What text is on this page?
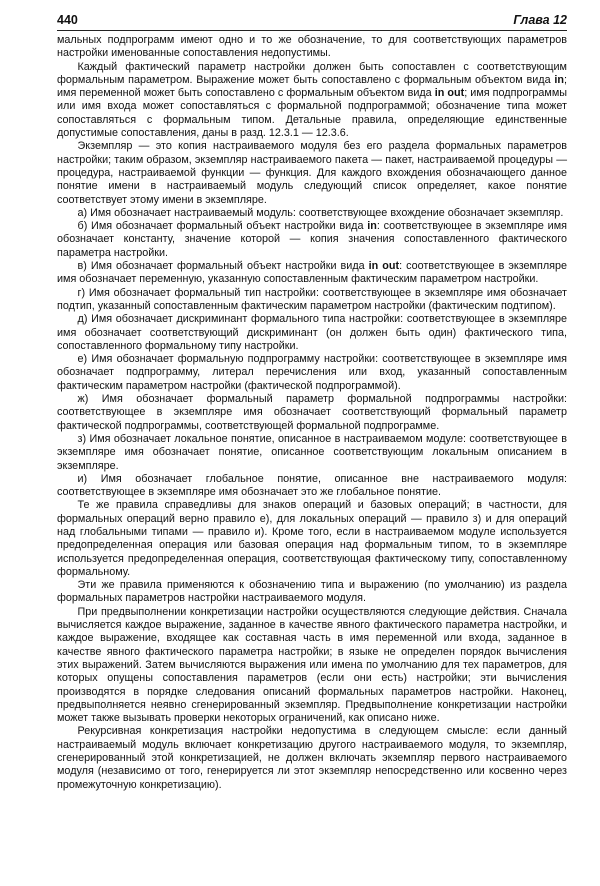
440	Глава 12

мальных подпрограмм имеют одно и то же обозначение, то для соответствующих параметров настройки именованные сопоставления недопустимы.

Каждый фактический параметр настройки должен быть сопоставлен с соответствующим формальным параметром. Выражение может быть сопоставлено с формальным объектом вида in; имя переменной может быть сопоставлено с формальным объектом вида in out; имя подпрограммы или имя входа может сопоставляться с формальной подпрограммой; обозначение типа может сопоставляться с формальным типом. Детальные правила, определяющие единственные допустимые сопоставления, даны в разд. 12.3.1 — 12.3.6.

Экземпляр — это копия настраиваемого модуля без его раздела формальных параметров настройки; таким образом, экземпляр настраиваемого пакета — пакет, настраиваемой процедуры — процедура, настраиваемой функции — функция. Для каждого вхождения обозначающего данное понятие имени в настраиваемый модуль следующий список определяет, какое понятие соответствует этому имени в экземпляре.

а) Имя обозначает настраиваемый модуль: соответствующее вхождение обозначает экземпляр.

б) Имя обозначает формальный объект настройки вида in: соответствующее в экземпляре имя обозначает константу, значение которой — копия значения сопоставленного фактического параметра настройки.

в) Имя обозначает формальный объект настройки вида in out: соответствующее в экземпляре имя обозначает переменную, указанную сопоставленным фактическим параметром настройки.

г) Имя обозначает формальный тип настройки: соответствующее в экземпляре имя обозначает подтип, указанный сопоставленным фактическим параметром настройки (фактическим подтипом).

д) Имя обозначает дискриминант формального типа настройки: соответствующее в экземпляре имя обозначает соответствующий дискриминант (он должен быть один) фактического типа, сопоставленного формальному типу настройки.

е) Имя обозначает формальную подпрограмму настройки: соответствующее в экземпляре имя обозначает подпрограмму, литерал перечисления или вход, указанный сопоставленным фактическим параметром настройки (фактической подпрограммой).

ж) Имя обозначает формальный параметр формальной подпрограммы настройки: соответствующее в экземпляре имя обозначает соответствующий формальный параметр фактической подпрограммы, соответствующей формальной подпрограмме.

з) Имя обозначает локальное понятие, описанное в настраиваемом модуле: соответствующее в экземпляре имя обозначает понятие, описанное соответствующим локальным описанием в экземпляре.

и) Имя обозначает глобальное понятие, описанное вне настраиваемого модуля: соответствующее в экземпляре имя обозначает это же глобальное понятие.

Те же правила справедливы для знаков операций и базовых операций; в частности, для формальных операций верно правило е), для локальных операций — правило з) и для операций над глобальными типами — правило и). Кроме того, если в настраиваемом модуле используется предопределенная операция или базовая операция над формальным типом, то в экземпляре используется предопределенная операция, соответствующая фактическому типу, сопоставленному формальному.

Эти же правила применяются к обозначению типа и выражению (по умолчанию) из раздела формальных параметров настройки настраиваемого модуля.

При предвыполнении конкретизации настройки осуществляются следующие действия. Сначала вычисляется каждое выражение, заданное в качестве явного фактического параметра настройки, и каждое выражение, входящее как составная часть в имя переменной или входа, заданное в качестве явного фактического параметра настройки; в языке не определен порядок вычисления этих выражений. Затем вычисляются выражения или имена по умолчанию для тех параметров, для которых опущены сопоставления параметров (если они есть) настройки; эти вычисления производятся в порядке следования описаний формальных параметров настройки. Наконец, предвыполняется неявно сгенерированный экземпляр. Предвыполнение конкретизации настройки может также вызывать проверки некоторых ограничений, как описано ниже.

Рекурсивная конкретизация настройки недопустима в следующем смысле: если данный настраиваемый модуль включает конкретизацию другого настраиваемого модуля, то экземпляр, сгенерированный этой конкретизацией, не должен включать экземпляр первого настраиваемого модуля (независимо от того, генерируется ли этот экземпляр непосредственно или косвенно через промежуточную конкретизацию).
